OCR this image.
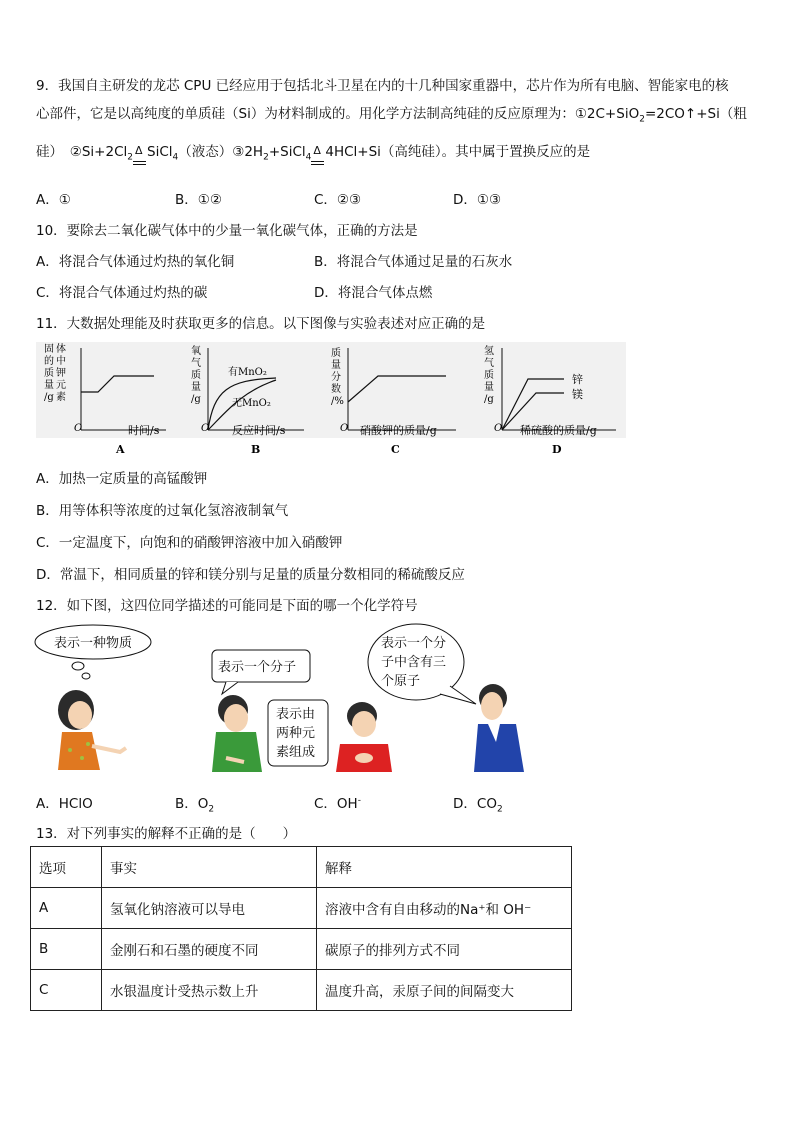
9．我国自主研发的龙芯 CPU 已经应用于包括北斗卫星在内的十几种国家重器中，芯片作为所有电脑、智能家电的核
心部件，它是以高纯度的单质硅（Si）为材料制成的。用化学方法制高纯硅的反应原理为：①2C+SiO$_2$=2CO↑+Si（粗
硅）　$②Si+2Cl_2$
Δ SiCl$_4$（液态）$③2H_2+SiCl_4$
Δ 4HCl+Si（高纯硅）。其中属于置换反应的是
A．①	B．①②	C．②③	D．①③
10．要除去二氧化碳气体中的少量一氧化碳气体，正确的方法是
A．将混合气体通过灼热的氧化铜	B．将混合气体通过足量的石灰水
C．将混合气体通过灼热的碳	D．将混合气体点燃
11．大数据处理能及时获取更多的信息。以下图像与实验表述对应正确的是
固 体
的 中
质 钾
量 元
/g 素
O	时间/s
A
氧
气
质
量
/g
有MnO₂
无MnO₂
O 反应时间/s
B
质
量
分
数
/%
O 硝酸钾的质量/g
C
氢
气
质
量
/g
锌
镁
O 稀硫酸的质量/g
D
A．加热一定质量的高锰酸钾
B．用等体积等浓度的过氧化氢溶液制氧气
C．一定温度下，向饱和的硝酸钾溶液中加入硝酸钾
D．常温下，相同质量的锌和镁分别与足量的质量分数相同的稀硫酸反应
12．如下图，这四位同学描述的可能同是下面的哪一个化学符号
表示一种物质
表示一个分子
表示由
两种元
素组成
表示一个分
子中含有三
个原子
A．HClO	B．$O_2$	C．OH-	D．$CO_2$
13．对下列事实的解释不正确的是（　　）
选项	事实	解释
A	氢氧化钠溶液可以导电	溶液中含有自由移动的Na⁺和 OH⁻
B	金刚石和石墨的硬度不同	碳原子的排列方式不同
C	水银温度计受热示数上升	温度升高，汞原子间的间隔变大
